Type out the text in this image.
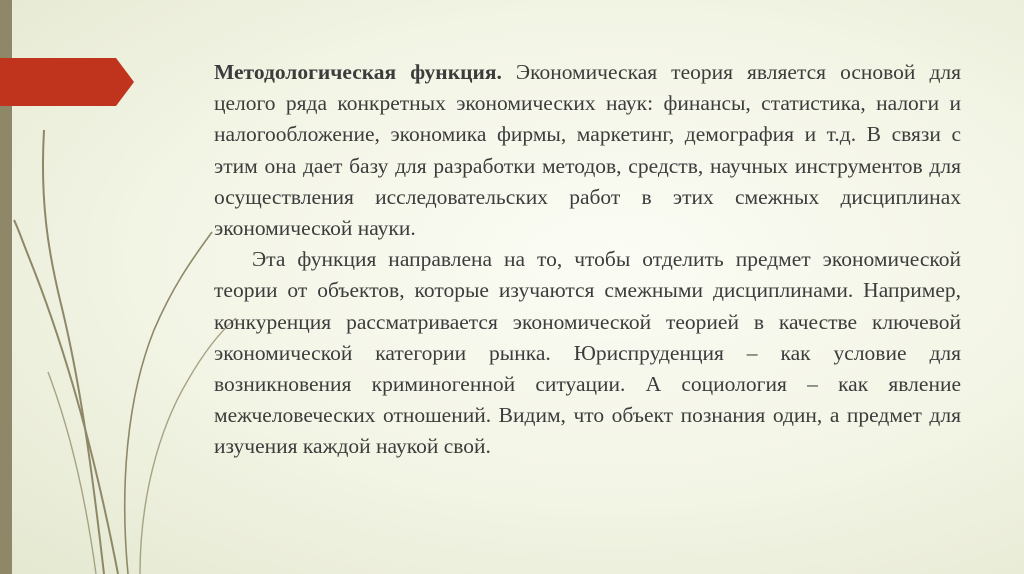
Методологическая функция. Экономическая теория является основой для целого ряда конкретных экономических наук: финансы, статистика, налоги и налогообложение, экономика фирмы, маркетинг, демография и т.д. В связи с этим она дает базу для разработки методов, средств, научных инструментов для осуществления исследовательских работ в этих смежных дисциплинах экономической науки.

Эта функция направлена на то, чтобы отделить предмет экономической теории от объектов, которые изучаются смежными дисциплинами. Например, конкуренция рассматривается экономической теорией в качестве ключевой экономической категории рынка. Юриспруденция – как условие для возникновения криминогенной ситуации. А социология – как явление межчеловеческих отношений. Видим, что объект познания один, а предмет для изучения каждой наукой свой.
